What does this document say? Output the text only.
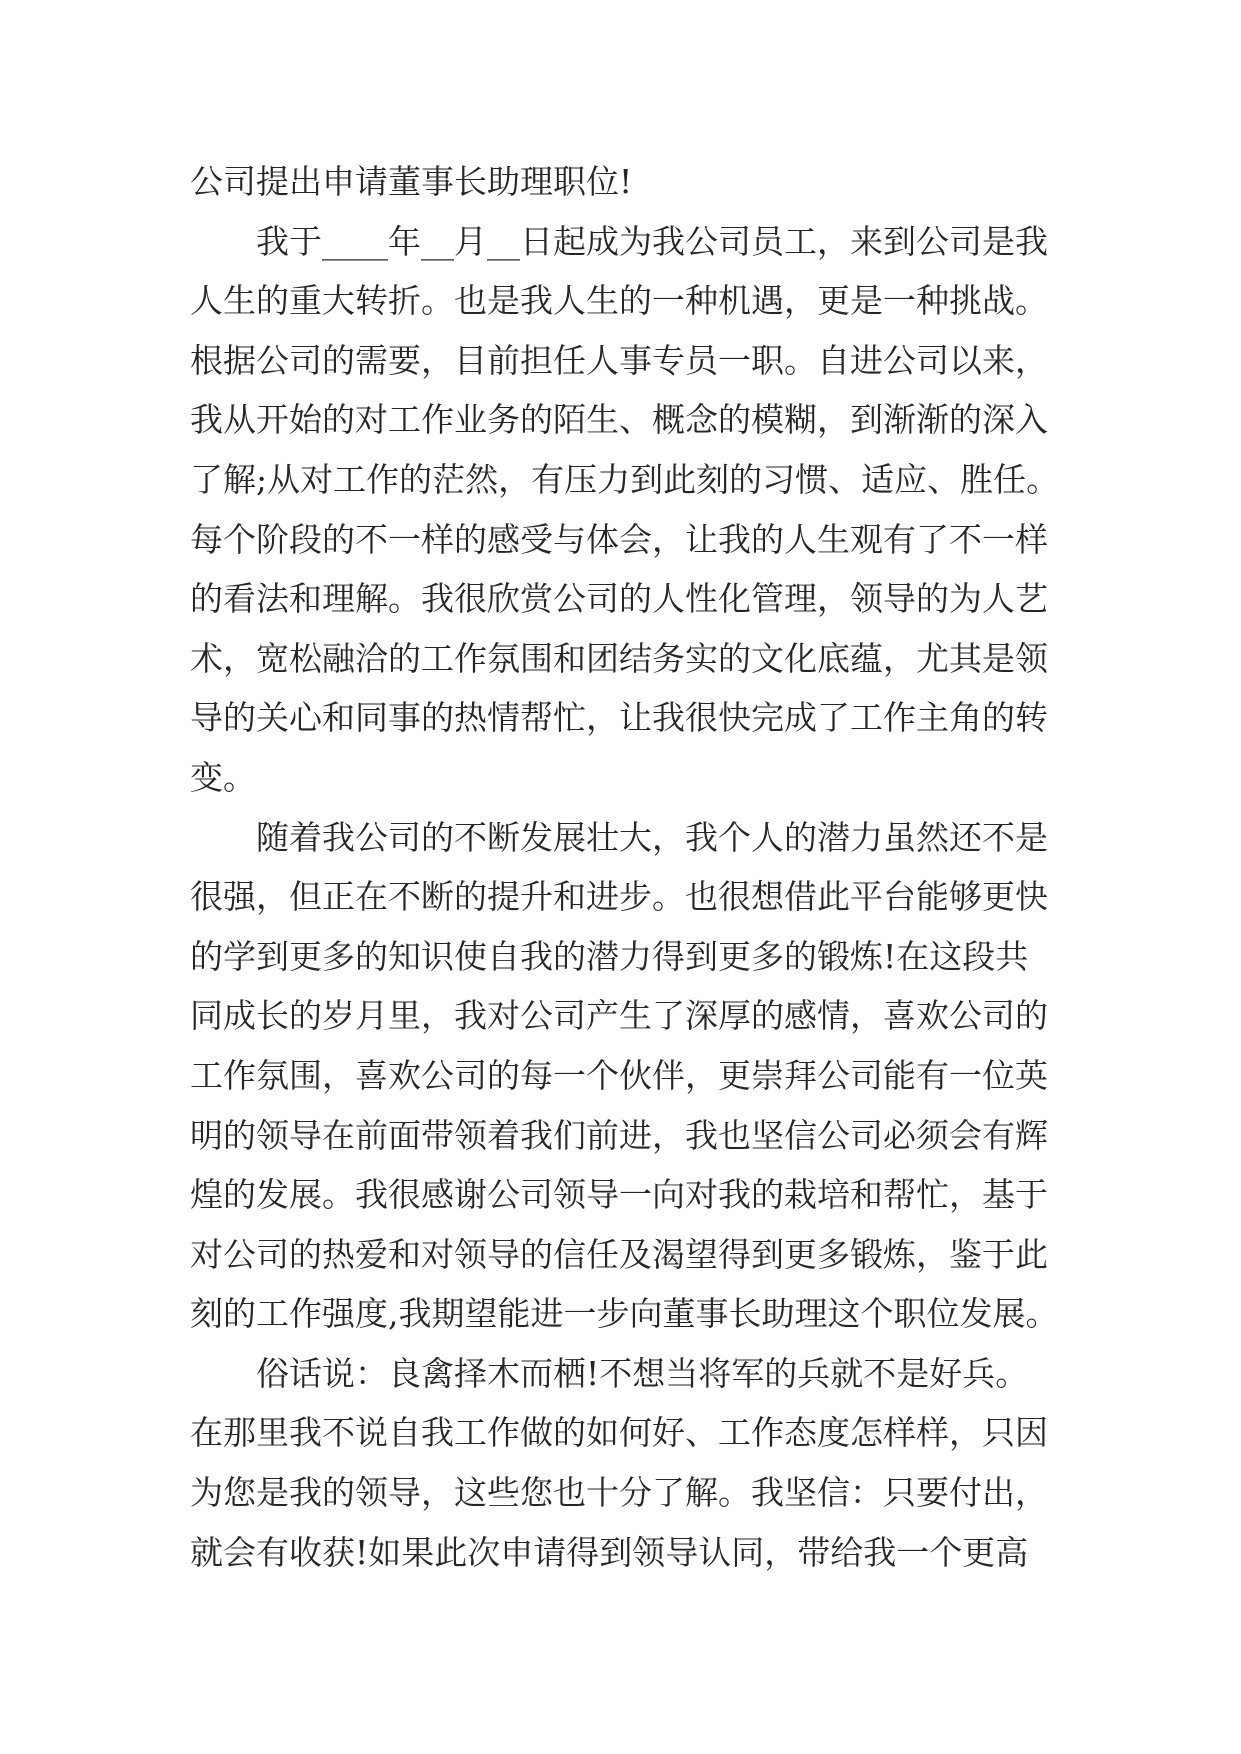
公司提出申请董事长助理职位!
我于____年__月__日起成为我公司员工，来到公司是我
人生的重大转折。也是我人生的一种机遇，更是一种挑战。
根据公司的需要，目前担任人事专员一职。自进公司以来，
我从开始的对工作业务的陌生、概念的模糊，到渐渐的深入
了解;从对工作的茫然，有压力到此刻的习惯、适应、胜任。
每个阶段的不一样的感受与体会，让我的人生观有了不一样
的看法和理解。我很欣赏公司的人性化管理，领导的为人艺
术，宽松融洽的工作氛围和团结务实的文化底蕴，尤其是领
导的关心和同事的热情帮忙，让我很快完成了工作主角的转
变。
随着我公司的不断发展壮大，我个人的潜力虽然还不是
很强，但正在不断的提升和进步。也很想借此平台能够更快
的学到更多的知识使自我的潜力得到更多的锻炼!在这段共
同成长的岁月里，我对公司产生了深厚的感情，喜欢公司的
工作氛围，喜欢公司的每一个伙伴，更崇拜公司能有一位英
明的领导在前面带领着我们前进，我也坚信公司必须会有辉
煌的发展。我很感谢公司领导一向对我的栽培和帮忙，基于
对公司的热爱和对领导的信任及渴望得到更多锻炼，鉴于此
刻的工作强度,我期望能进一步向董事长助理这个职位发展。
俗话说：良禽择木而栖!不想当将军的兵就不是好兵。
在那里我不说自我工作做的如何好、工作态度怎样样，只因
为您是我的领导，这些您也十分了解。我坚信：只要付出，
就会有收获!如果此次申请得到领导认同，带给我一个更高
